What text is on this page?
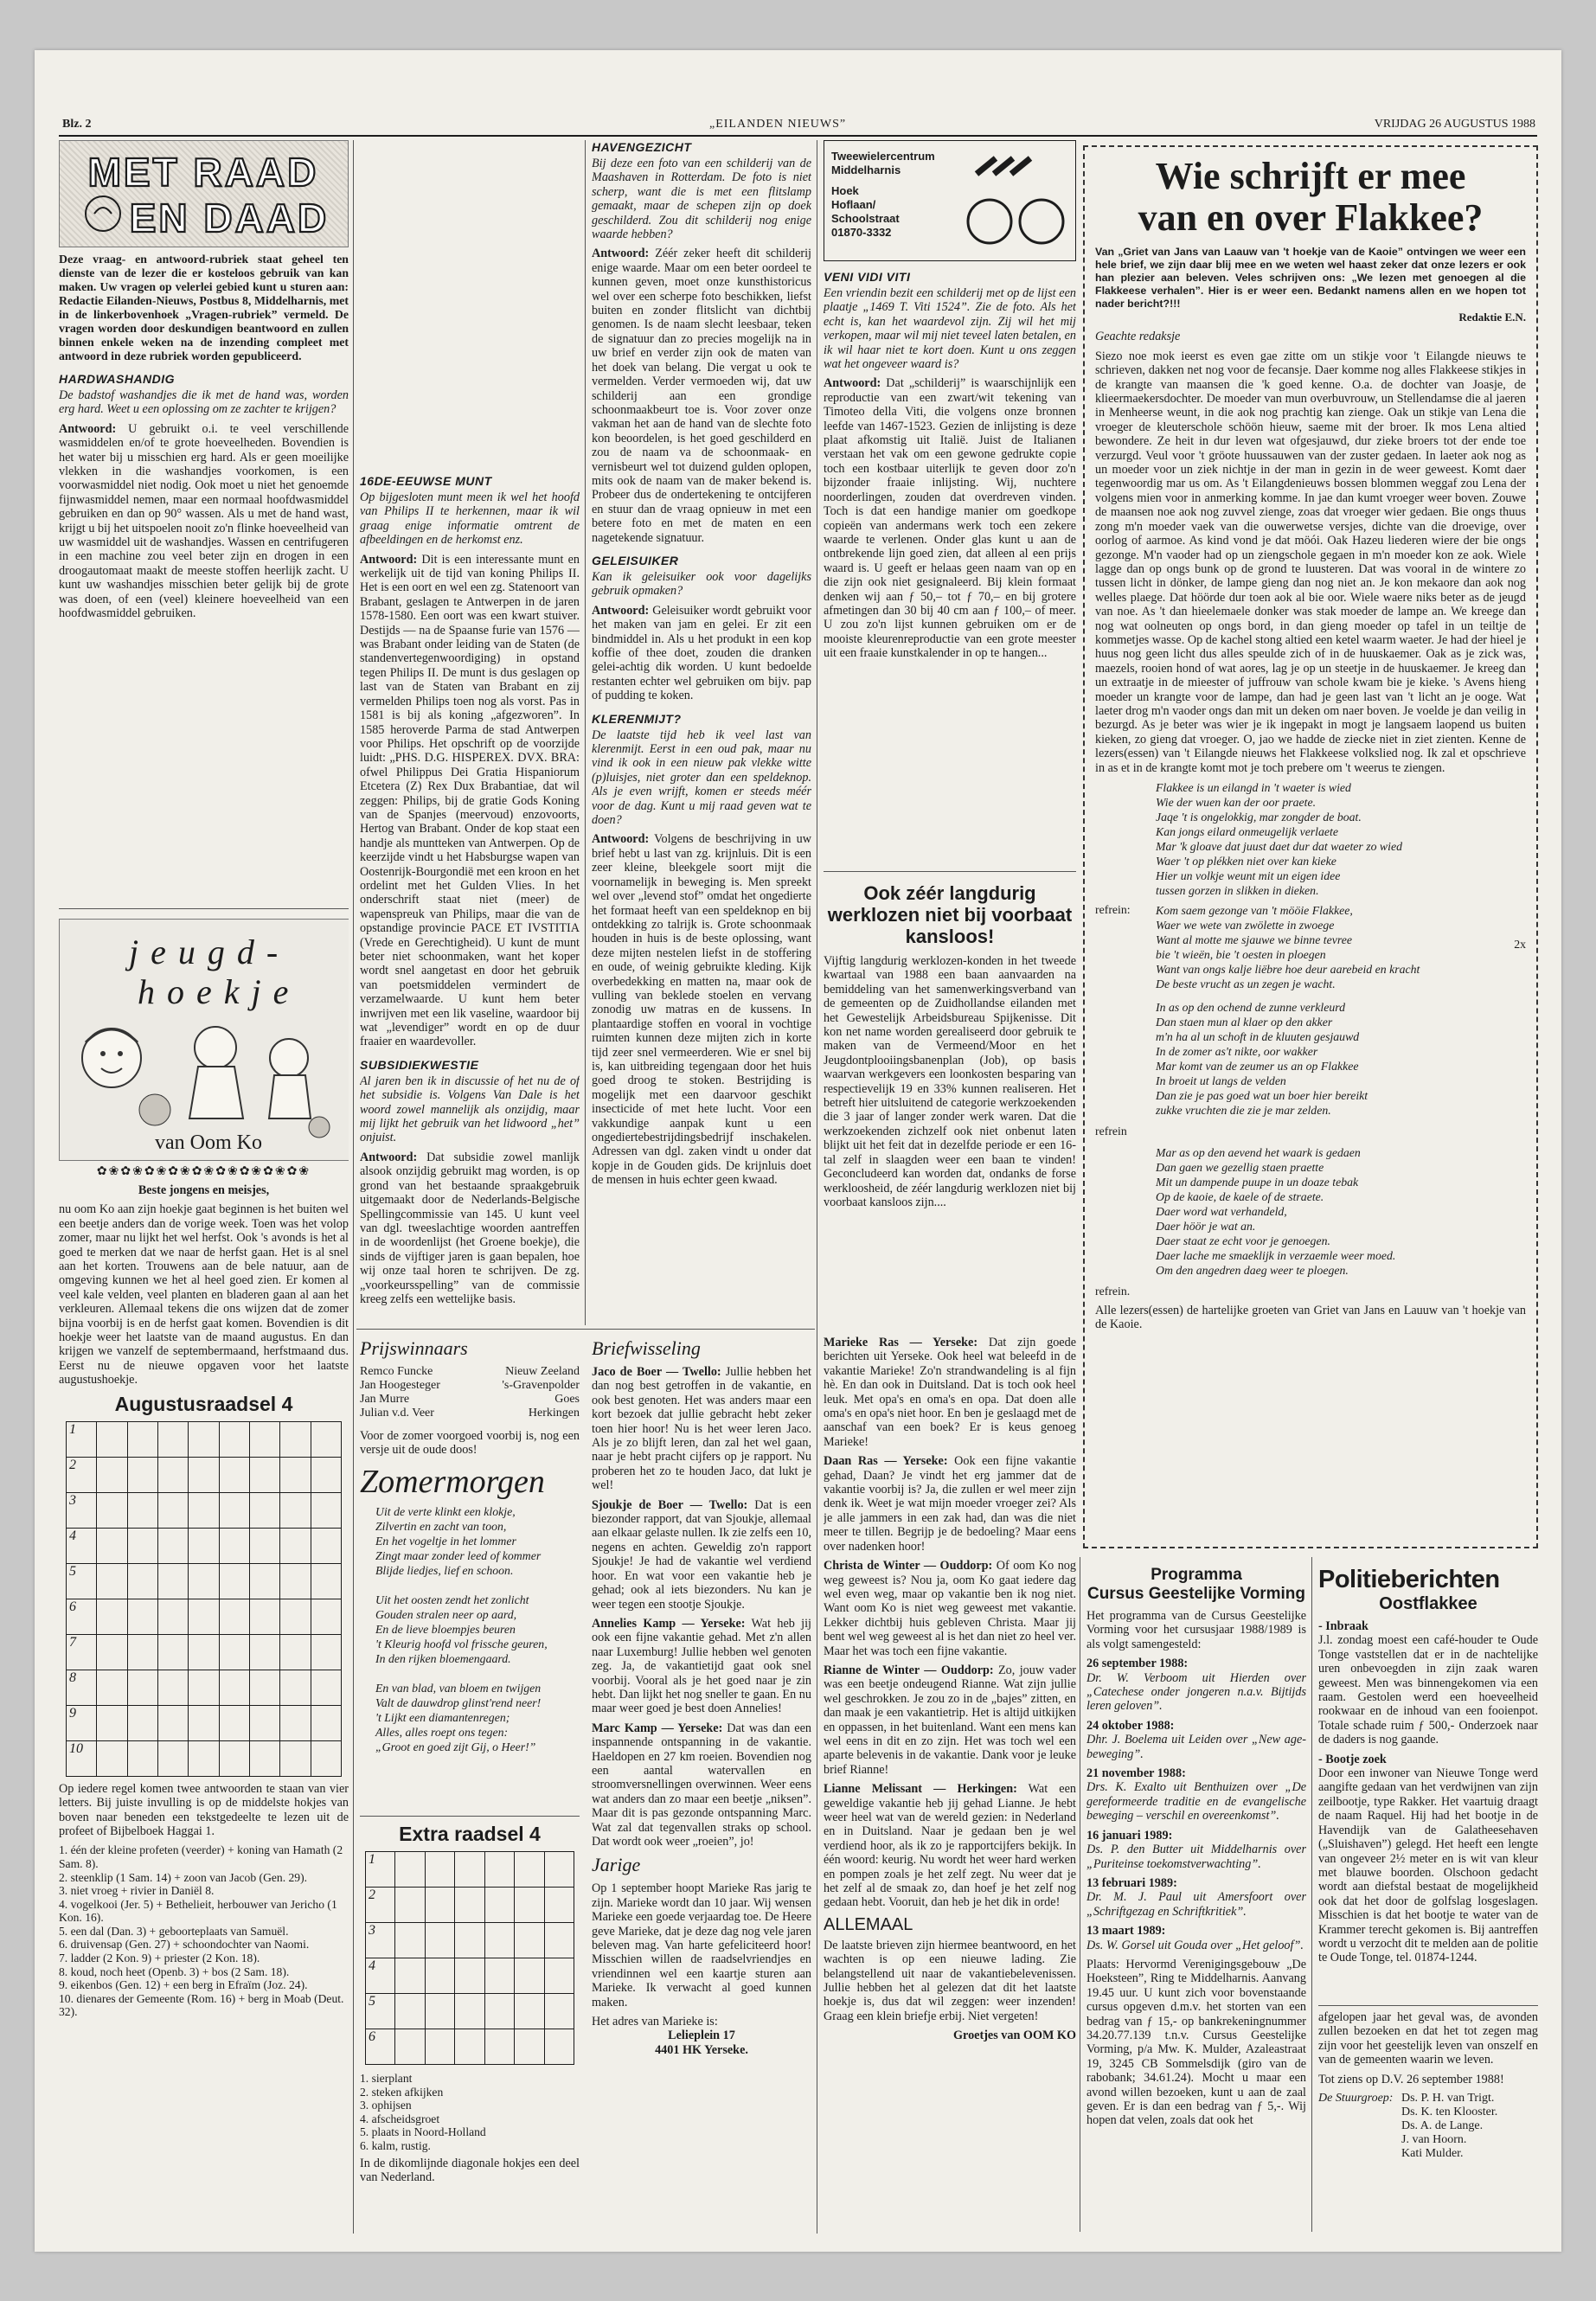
Blz. 2	„EILANDEN NIEUWS”	VRIJDAG 26 AUGUSTUS 1988
MET RAAD
EN DAAD

Deze vraag- en antwoord-rubriek staat geheel ten dienste van de lezer die er kosteloos gebruik van kan maken. Uw vragen op velerlei gebied kunt u sturen aan: Redactie Eilanden-Nieuws, Postbus 8, Middelharnis, met in de linkerbovenhoek „Vragen-rubriek” vermeld. De vragen worden door deskundigen beantwoord en zullen binnen enkele weken na de inzending compleet met antwoord in deze rubriek worden gepubliceerd.

HARDWASHANDIG

De badstof washandjes die ik met de hand was, worden erg hard. Weet u een oplossing om ze zachter te krijgen?

Antwoord: U gebruikt o.i. te veel verschillende wasmiddelen en/of te grote hoeveelheden. Bovendien is het water bij u misschien erg hard. Als er geen moeilijke vlekken in die washandjes voorkomen, is een voorwasmiddel niet nodig. Ook moet u niet het genoemde fijnwasmiddel nemen, maar een normaal hoofdwasmiddel gebruiken en dan op 90° wassen. Als u met de hand wast, krijgt u bij het uitspoelen nooit zo'n flinke hoeveelheid van uw wasmiddel uit de washandjes. Wassen en centrifugeren in een machine zou veel beter zijn en drogen in een droogautomaat maakt de meeste stoffen heerlijk zacht. U kunt uw washandjes misschien beter gelijk bij de grote was doen, of een (veel) kleinere hoeveelheid van een hoofdwasmiddel gebruiken.

j e u g d -
h o e k j e
van Oom Ko
✿❀✿❀✿❀✿❀✿❀✿❀✿❀✿❀✿❀

Beste jongens en meisjes,

nu oom Ko aan zijn hoekje gaat beginnen is het buiten wel een beetje anders dan de vorige week. Toen was het volop zomer, maar nu lijkt het wel herfst. Ook 's avonds is het al goed te merken dat we naar de herfst gaan. Het is al snel aan het korten. Trouwens aan de bele natuur, aan de omgeving kunnen we het al heel goed zien. Er komen al veel kale velden, veel planten en bladeren gaan al aan het verkleuren. Allemaal tekens die ons wijzen dat de zomer bijna voorbij is en de herfst gaat komen. Bovendien is dit hoekje weer het laatste van de maand augustus. En dan krijgen we vanzelf de septembermaand, herfstmaand dus. Eerst nu de nieuwe opgaven voor het laatste augustushoekje.

Augustusraadsel 4
1
2
3
4
5
6
7
8
9
10

Op iedere regel komen twee antwoorden te staan van vier letters. Bij juiste invulling is op de middelste hokjes van boven naar beneden een tekstgedeelte te lezen uit de profeet of Bijbelboek Haggai 1.

1. één der kleine profeten (veerder) + koning van Hamath (2 Sam. 8).
2. steenklip (1 Sam. 14) + zoon van Jacob (Gen. 29).
3. niet vroeg + rivier in Daniël 8.
4. vogelkooi (Jer. 5) + Bethelieit, herbouwer van Jericho (1 Kon. 16).
5. een dal (Dan. 3) + geboorteplaats van Samuël.
6. druivensap (Gen. 27) + schoondochter van Naomi.
7. ladder (2 Kon. 9) + priester (2 Kon. 18).
8. koud, noch heet (Openb. 3) + bos (2 Sam. 18).
9. eikenbos (Gen. 12) + een berg in Efraïm (Joz. 24).
10. dienares der Gemeente (Rom. 16) + berg in Moab (Deut. 32).
16DE-EEUWSE MUNT

Op bijgesloten munt meen ik wel het hoofd van Philips II te herkennen, maar ik wil graag enige informatie omtrent de afbeeldingen en de herkomst enz.

Antwoord: Dit is een interessante munt en werkelijk uit de tijd van koning Philips II. Het is een oort en wel een zg. Statenoort van Brabant, geslagen te Antwerpen in de jaren 1578-1580. Een oort was een kwart stuiver. Destijds — na de Spaanse furie van 1576 — was Brabant onder leiding van de Staten (de standenvertegenwoordiging) in opstand tegen Philips II. De munt is dus geslagen op last van de Staten van Brabant en zij vermelden Philips toen nog als vorst. Pas in 1581 is bij als koning „afgezworen”. In 1585 heroverde Parma de stad Antwerpen voor Philips. Het opschrift op de voorzijde luidt: „PHS. D.G. HISPEREX. DVX. BRA: ofwel Philippus Dei Gratia Hispaniorum Etcetera (Z) Rex Dux Brabantiae, dat wil zeggen: Philips, bij de gratie Gods Koning van de Spanjes (meervoud) enzovoorts, Hertog van Brabant. Onder de kop staat een handje als muntteken van Antwerpen. Op de keerzijde vindt u het Habsburgse wapen van Oostenrijk-Bourgondië met een kroon en het ordelint met het Gulden Vlies. In het onderschrift staat niet (meer) de wapenspreuk van Philips, maar die van de opstandige provincie PACE ET IVSTITIA (Vrede en Gerechtigheid). U kunt de munt beter niet schoonmaken, want het koper wordt snel aangetast en door het gebruik van poetsmiddelen vermindert de verzamelwaarde. U kunt hem beter inwrijven met een lik vaseline, waardoor bij wat „levendiger” wordt en op de duur fraaier en waardevoller.

SUBSIDIEKWESTIE

Al jaren ben ik in discussie of het nu de of het subsidie is. Volgens Van Dale is het woord zowel mannelijk als onzijdig, maar mij lijkt het gebruik van het lidwoord „het” onjuist.

Antwoord: Dat subsidie zowel manlijk alsook onzijdig gebruikt mag worden, is op grond van het bestaande spraakgebruik uitgemaakt door de Nederlands-Belgische Spellingcommissie van 145. U kunt veel van dgl. tweeslachtige woorden aantreffen in de woordenlijst (het Groene boekje), die sinds de vijftiger jaren is gaan bepalen, hoe wij onze taal horen te schrijven. De zg. „voorkeursspelling” van de commissie kreeg zelfs een wettelijke basis.

HAVENGEZICHT

Bij deze een foto van een schilderij van de Maashaven in Rotterdam. De foto is niet scherp, want die is met een flitslamp gemaakt, maar de schepen zijn op doek geschilderd. Zou dit schilderij nog enige waarde hebben?

Antwoord: Zéér zeker heeft dit schilderij enige waarde. Maar om een beter oordeel te kunnen geven, moet onze kunsthistoricus wel over een scherpe foto beschikken, liefst buiten en zonder flitslicht van dichtbij genomen. Is de naam slecht leesbaar, teken de signatuur dan zo precies mogelijk na in uw brief en verder zijn ook de maten van het doek van belang. Die vergat u ook te vermelden. Verder vermoeden wij, dat uw schilderij aan een grondige schoonmaakbeurt toe is. Voor zover onze vakman het aan de hand van de slechte foto kon beoordelen, is het goed geschilderd en zou de naam va de schoonmaak- en vernisbeurt wel tot duizend gulden oplopen, mits ook de naam van de maker bekend is. Probeer dus de ondertekening te ontcijferen en stuur dan de vraag opnieuw in met een betere foto en met de maten en een nagetekende signatuur.

GELEISUIKER

Kan ik geleisuiker ook voor dagelijks gebruik opmaken?

Antwoord: Geleisuiker wordt gebruikt voor het maken van jam en gelei. Er zit een bindmiddel in. Als u het produkt in een kop koffie of thee doet, zouden die dranken gelei-achtig dik worden. U kunt bedoelde restanten echter wel gebruiken om bijv. pap of pudding te koken.

KLERENMIJT?

De laatste tijd heb ik veel last van klerenmijt. Eerst in een oud pak, maar nu vind ik ook in een nieuw pak vlekke witte (p)luisjes, niet groter dan een speldeknop. Als je even wrijft, komen er steeds méér voor de dag. Kunt u mij raad geven wat te doen?

Antwoord: Volgens de beschrijving in uw brief hebt u last van zg. krijnluis. Dit is een zeer kleine, bleekgele soort mijt die voornamelijk in beweging is. Men spreekt wel over „levend stof” omdat het ongedierte het formaat heeft van een speldeknop en bij ontdekking zo talrijk is. Grote schoonmaak houden in huis is de beste oplossing, want deze mijten nestelen liefst in de stoffering en oude, of weinig gebruikte kleding. Kijk overbedekking en matten na, maar ook de vulling van beklede stoelen en vervang zonodig uw matras en de kussens. In plantaardige stoffen en vooral in vochtige ruimten kunnen deze mijten zich in korte tijd zeer snel vermeerderen. Wie er snel bij is, kan uitbreiding tegengaan door het huis goed droog te stoken. Bestrijding is mogelijk met een daarvoor geschikt insecticide of met hete lucht. Voor een vakkundige aanpak kunt u een ongediertebestrijdingsbedrijf inschakelen. Adressen van dgl. zaken vindt u onder dat kopje in de Gouden gids. De krijnluis doet de mensen in huis echter geen kwaad.

Tweewielercentrum
Middelharnis
Hoek
Hoflaan/
Schoolstraat
01870-3332
VENI VIDI VITI

Een vriendin bezit een schilderij met op de lijst een plaatje „1469 T. Viti 1524”. Zie de foto. Als het echt is, kan het waardevol zijn. Zij wil het mij verkopen, maar wil mij niet teveel laten betalen, en ik wil haar niet te kort doen. Kunt u ons zeggen wat het ongeveer waard is?

Antwoord: Dat „schilderij” is waarschijnlijk een reproductie van een zwart/wit tekening van Timoteo della Viti, die volgens onze bronnen leefde van 1467-1523. Gezien de inlijsting is deze plaat afkomstig uit Italië. Juist de Italianen verstaan het vak om een gewone gedrukte copie toch een kostbaar uiterlijk te geven door zo'n bijzonder fraaie inlijsting. Wij, nuchtere noorderlingen, zouden dat overdreven vinden. Toch is dat een handige manier om goedkope copieën van andermans werk toch een zekere waarde te verlenen. Onder glas kunt u aan de ontbrekende lijn goed zien, dat alleen al een prijs waard is. U geeft er helaas geen naam van op en die zijn ook niet gesignaleerd. Bij klein formaat denken wij aan ƒ 50,– tot ƒ 70,– en bij grotere afmetingen dan 30 bij 40 cm aan ƒ 100,– of meer. U zou zo'n lijst kunnen gebruiken om er de mooiste kleurenreproductie van een grote meester uit een fraaie kunstkalender in op te hangen...

Ook zéér langdurig werklozen niet bij voorbaat kansloos!

Vijftig langdurig werklozen-konden in het tweede kwartaal van 1988 een baan aanvaarden na bemiddeling van het samenwerkingsverband van de gemeenten op de Zuidhollandse eilanden met het Gewestelijk Arbeidsbureau Spijkenisse. Dit kon net name worden gerealiseerd door gebruik te maken van de Vermeend/Moor en het Jeugdontplooiingsbanenplan (Job), op basis waarvan werkgevers een loonkosten besparing van respectievelijk 19 en 33% kunnen realiseren. Het betreft hier uitsluitend de categorie werkzoekenden die 3 jaar of langer zonder werk waren. Dat die werkzoekenden zichzelf ook niet onbenut laten blijkt uit het feit dat in dezelfde periode er een 16-tal zelf in slaagden weer een baan te vinden! Geconcludeerd kan worden dat, ondanks de forse werkloosheid, de zéér langdurig werklozen niet bij voorbaat kansloos zijn....

Wie schrijft er mee
van en over Flakkee?

Van „Griet van Jans van Laauw van 't hoekje van de Kaoie” ontvingen we weer een hele brief, we zijn daar blij mee en we weten wel haast zeker dat onze lezers er ook han plezier aan beleven. Veles schrijven ons: „We lezen met genoegen al die Flakkeese verhalen”. Hier is er weer een. Bedankt namens allen en we hopen tot nader bericht?!!!

Redaktie E.N.

Geachte redaksje

Siezo noe mok ieerst es even gae zitte om un stikje voor 't Eilangde nieuws te schrieven, dakken net nog voor de fecansje. Daer komme nog alles Flakkeese stikjes in de krangte van maansen die 'k goed kenne. O.a. de dochter van Joasje, de klieermaekersdochter. De moeder van mun overbuvrouw, un Stellendamse die al jaeren in Menheerse weunt, in die aok nog prachtig kan zienge. Oak un stikje van Lena die vroeger de kleuterschole schöön hieuw, saeme mit der broer. Ik mos Lena altied bewondere. Ze heit in dur leven wat ofgesjauwd, dur zieke broers tot der ende toe verzurgd. Veul voor 't gröote huussauwen van der zuster gedaen. In laeter aok nog as un moeder voor un ziek nichtje in der man in gezin in de weer geweest. Komt daer tegenwoordig mar us om. As 't Eilangdenieuws bossen blommen weggaf zou Lena der volgens mien voor in anmerking komme. In jae dan kumt vroeger weer boven. Zouwe de maansen noe aok nog zuvvel zienge, zoas dat vroeger wier gedaen. Bie ongs thuus zong m'n moeder vaek van die ouwerwetse versjes, dichte van die droevige, over oorlog of aarmoe. As kind vond je dat möói. Oak Hazeu liederen wiere der bie ongs gezonge. M'n vaoder had op un ziengschole gegaen in m'n moeder kon ze aok. Wiele lagge dan op ongs bunk op de grond te luusteren. Dat was vooral in de wintere zo tussen licht in dönker, de lampe gieng dan nog niet an. Je kon mekaore dan aok nog welles plaege. Dat höörde dur toen aok al bie oor. Wiele waere niks beter as de jeugd van noe. As 't dan hieelemaele donker was stak moeder de lampe an. We kreege dan nog wat oolneuten op ongs bord, in dan gieng moeder op tafel in un teiltje de kommetjes wasse. Op de kachel stong altied een ketel waarm waeter. Je had der hieel je huus nog geen licht dus alles speulde zich of in de huuskaemer. Oak as je zick was, maezels, rooien hond of wat aores, lag je op un steetje in de huuskaemer. Je kreeg dan un extraatje in de mieester of juffrouw van schole kwam bie je kieke. 's Avens hieng moeder un krangte voor de lampe, dan had je geen last van 't licht an je ooge. Wat laeter drog m'n vaoder ongs dan mit un deken om naer boven. Je voelde je dan veilig in bezurgd. As je beter was wier je ik ingepakt in mogt je langsaem laopend us buiten kieken, zo gieng dat vroeger. O, jao we hadde de ziecke niet in ziet zienten. Kenne de lezers(essen) van 't Eilangde nieuws het Flakkeese volkslied nog. Ik zal et opschrieve in as et in de krangte komt mot je toch prebere om 't weerus te ziengen.

Flakkee is un eilangd in 't waeter is wied

Wie der wuen kan der oor praete.

Jaqe 't is ongelokkig, mar zongder de boat.

Kan jongs eilard onmeugelijk verlaete

Mar 'k gloave dat juust daet dur dat waeter zo wied

Waer 't op plékken niet over kan kieke

Hier un volkje weunt mit un eigen idee

tussen gorzen in slikken in dieken.

refrein: Kom saem gezonge van 't mööie Flakkee,

Waer we wete van zwölette in zwoege

Want al motte me sjauwe we binne tevree

bie 't wieën, bie 't oesten in ploegen

Want van ongs kalje liëbre hoe deur aarebeid en kracht

De beste vrucht as un zegen je wacht.

2x

In as op den ochend de zunne verkleurd

Dan staen mun al klaer op den akker

m'n ha al un schoft in de kluuten gesjauwd

In de zomer as't nikte, oor wakker

Mar komt van de zeumer us an op Flakkee

In broeit ut langs de velden

Dan zie je pas goed wat un boer hier bereikt

zukke vruchten die zie je mar zelden.

refrein

Mar as op den aevend het waark is gedaen

Dan gaen we gezellig staen praette

Mit un dampende puupe in un doaze tebak

Op de kaoie, de kaele of de straete.

Daer word wat verhandeld,

Daer höör je wat an.

Daer staat ze echt voor je genoegen.

Daer lache me smaeklijk in verzaemle weer moed.

Om den angedren daeg weer te ploegen.

refrein.

Alle lezers(essen) de hartelijke groeten van Griet van Jans en Lauuw van 't hoekje van de Kaoie.

Prijswinnaars
Remco Funcke	Nieuw Zeeland
Jan Hoogesteger	's-Gravenpolder
Jan Murre	Goes
Julian v.d. Veer	Herkingen

Voor de zomer voorgoed voorbij is, nog een versje uit de oude doos!

Zomermorgen

Uit de verte klinkt een klokje,

Zilvertin en zacht van toon,

En het vogeltje in het lommer

Zingt maar zonder leed of kommer

Blijde liedjes, lief en schoon.

Uit het oosten zendt het zonlicht

Gouden stralen neer op aard,

En de lieve bloempjes beuren

't Kleurig hoofd vol frissche geuren,

In den rijken bloemengaard.

En van blad, van bloem en twijgen

Valt de dauwdrop glinst'rend neer!

't Lijkt een diamantenregen;

Alles, alles roept ons tegen:

„Groot en goed zijt Gij, o Heer!”

Extra raadsel 4
1
2
3
4
5
6
1. sierplant
2. steken afkijken
3. ophijsen
4. afscheidsgroet
5. plaats in Noord-Holland
6. kalm, rustig.

In de dikomlijnde diagonale hokjes een deel van Nederland.

Briefwisseling

Jaco de Boer — Twello: Jullie hebben het dan nog best getroffen in de vakantie, en ook best genoten. Het was anders maar een kort bezoek dat jullie gebracht hebt zeker toen hier hoor! Nu is het weer leren Jaco. Als je zo blijft leren, dan zal het wel gaan, naar je hebt pracht cijfers op je rapport. Nu proberen het zo te houden Jaco, dat lukt je wel!

Sjoukje de Boer — Twello: Dat is een biezonder rapport, dat van Sjoukje, allemaal aan elkaar gelaste nullen. Ik zie zelfs een 10, negens en achten. Geweldig zo'n rapport Sjoukje! Je had de vakantie wel verdiend hoor. En wat voor een vakantie heb je gehad; ook al iets biezonders. Nu kan je weer tegen een stootje Sjoukje.

Annelies Kamp — Yerseke: Wat heb jij ook een fijne vakantie gehad. Met z'n allen naar Luxemburg! Jullie hebben wel genoten zeg. Ja, de vakantietijd gaat ook snel voorbij. Vooral als je het goed naar je zin hebt. Dan lijkt het nog sneller te gaan. En nu maar weer goed je best doen Annelies!

Marc Kamp — Yerseke: Dat was dan een inspannende ontspanning in de vakantie. Haeldopen en 27 km roeien. Bovendien nog een aantal watervallen en stroomversnellingen overwinnen. Weer eens wat anders dan zo maar een beetje „niksen”. Maar dit is pas gezonde ontspanning Marc. Wat zal dat tegenvallen straks op school. Dat wordt ook weer „roeien”, jo!

Jarige

Op 1 september hoopt Marieke Ras jarig te zijn. Marieke wordt dan 10 jaar. Wij wensen Marieke een goede verjaardag toe. De Heere geve Marieke, dat je deze dag nog vele jaren beleven mag. Van harte gefeliciteerd hoor! Misschien willen de raadselvriendjes en vriendinnen wel een kaartje sturen aan Marieke. Ik verwacht al goed kunnen maken.

Het adres van Marieke is:

Lelieplein 17

4401 HK Yerseke.

Marieke Ras — Yerseke: Dat zijn goede berichten uit Yerseke. Ook heel wat beleefd in de vakantie Marieke! Zo'n strandwandeling is al fijn hè. En dan ook in Duitsland. Dat is toch ook heel leuk. Met opa's en oma's en opa. Dat doen alle oma's en opa's niet hoor. En ben je geslaagd met de aanschaf van een boek? Er is keus genoeg Marieke!

Daan Ras — Yerseke: Ook een fijne vakantie gehad, Daan? Je vindt het erg jammer dat de vakantie voorbij is? Ja, die zullen er wel meer zijn denk ik. Weet je wat mijn moeder vroeger zei? Als je alle jammers in een zak had, dan was die niet meer te tillen. Begrijp je de bedoeling? Maar eens over nadenken hoor!

Christa de Winter — Ouddorp: Of oom Ko nog weg geweest is? Nou ja, oom Ko gaat iedere dag wel even weg, maar op vakantie ben ik nog niet. Want oom Ko is niet weg geweest met vakantie. Lekker dichtbij huis gebleven Christa. Maar jij bent wel weg geweest al is het dan niet zo heel ver. Maar het was toch een fijne vakantie.

Rianne de Winter — Ouddorp: Zo, jouw vader was een beetje ondeugend Rianne. Wat zijn jullie wel geschrokken. Je zou zo in de „bajes” zitten, en dan maak je een vakantietrip. Het is altijd uitkijken en oppassen, in het buitenland. Want een mens kan wel eens in dit en zo zijn. Het was toch wel een aparte belevenis in de vakantie. Dank voor je leuke brief Rianne!

Lianne Melissant — Herkingen: Wat een geweldige vakantie heb jij gehad Lianne. Je hebt weer heel wat van de wereld gezien: in Nederland en in Duitsland. Naar je gedaan ben je wel verdiend hoor, als ik zo je rapportcijfers bekijk. In één woord: keurig. Nu wordt het weer hard werken en pompen zoals je het zelf zegt. Nu weer dat je het zelf al de smaak zo, dan hoef je het zelf nog gedaan hebt. Vooruit, dan heb je het dik in orde!

ALLEMAAL

De laatste brieven zijn hiermee beantwoord, en het wachten is op een nieuwe lading. Zie belangstellend uit naar de vakantiebelevenissen. Jullie hebben het al gelezen dat dit het laatste hoekje is, dus dat wil zeggen: weer inzenden! Graag een klein briefje erbij. Niet vergeten!

Groetjes van OOM KO

Programma
Cursus Geestelijke Vorming

Het programma van de Cursus Geestelijke Vorming voor het cursusjaar 1988/1989 is als volgt samengesteld:

26 september 1988:

Dr. W. Verboom uit Hierden over „Catechese onder jongeren n.a.v. Bijtijds leren geloven”.

24 oktober 1988:

Dhr. J. Boelema uit Leiden over „New age-beweging”.

21 november 1988:

Drs. K. Exalto uit Benthuizen over „De gereformeerde traditie en de evangelische beweging – verschil en overeenkomst”.

16 januari 1989:

Ds. P. den Butter uit Middelharnis over „Puriteinse toekomstverwachting”.

13 februari 1989:

Dr. M. J. Paul uit Amersfoort over „Schriftgezag en Schriftkritiek”.

13 maart 1989:

Ds. W. Gorsel uit Gouda over „Het geloof”.

Plaats: Hervormd Verenigingsgebouw „De Hoeksteen”, Ring te Middelharnis. Aanvang 19.45 uur. U kunt zich voor bovenstaande cursus opgeven d.m.v. het storten van een bedrag van ƒ 15,- op bankrekeningnummer 34.20.77.139 t.n.v. Cursus Geestelijke Vorming, p/a Mw. K. Mulder, Azaleastraat 19, 3245 CB Sommelsdijk (giro van de rabobank; 34.61.24). Mocht u maar een avond willen bezoeken, kunt u aan de zaal geven. Er is dan een bedrag van ƒ 5,-. Wij hopen dat velen, zoals dat ook het

Politieberichten
Oostflakkee

- Inbraak

J.l. zondag moest een café-houder te Oude Tonge vaststellen dat er in de nachtelijke uren onbevoegden in zijn zaak waren geweest. Men was binnengekomen via een raam. Gestolen werd een hoeveelheid rookwaar en de inhoud van een fooienpot. Totale schade ruim ƒ 500,- Onderzoek naar de daders is nog gaande.

- Bootje zoek

Door een inwoner van Nieuwe Tonge werd aangifte gedaan van het verdwijnen van zijn zeilbootje, type Rakker. Het vaartuig draagt de naam Raquel. Hij had het bootje in de Havendijk van de Galatheesehaven („Sluishaven”) gelegd. Het heeft een lengte van ongeveer 2½ meter en is wit van kleur met blauwe boorden. Olschoon gedacht wordt aan diefstal bestaat de mogelijkheid ook dat het door de golfslag losgeslagen. Misschien is dat het bootje te water van de Krammer terecht gekomen is. Bij aantreffen wordt u verzocht dit te melden aan de politie te Oude Tonge, tel. 01874-1244.

afgelopen jaar het geval was, de avonden zullen bezoeken en dat het tot zegen mag zijn voor het geestelijk leven van onszelf en van de gemeenten waarin we leven.

Tot ziens op D.V. 26 september 1988!

De Stuurgroep: Ds. P. H. van Trigt.
Ds. K. ten Klooster.
Ds. A. de Lange.
J. van Hoorn.
Kati Mulder.
